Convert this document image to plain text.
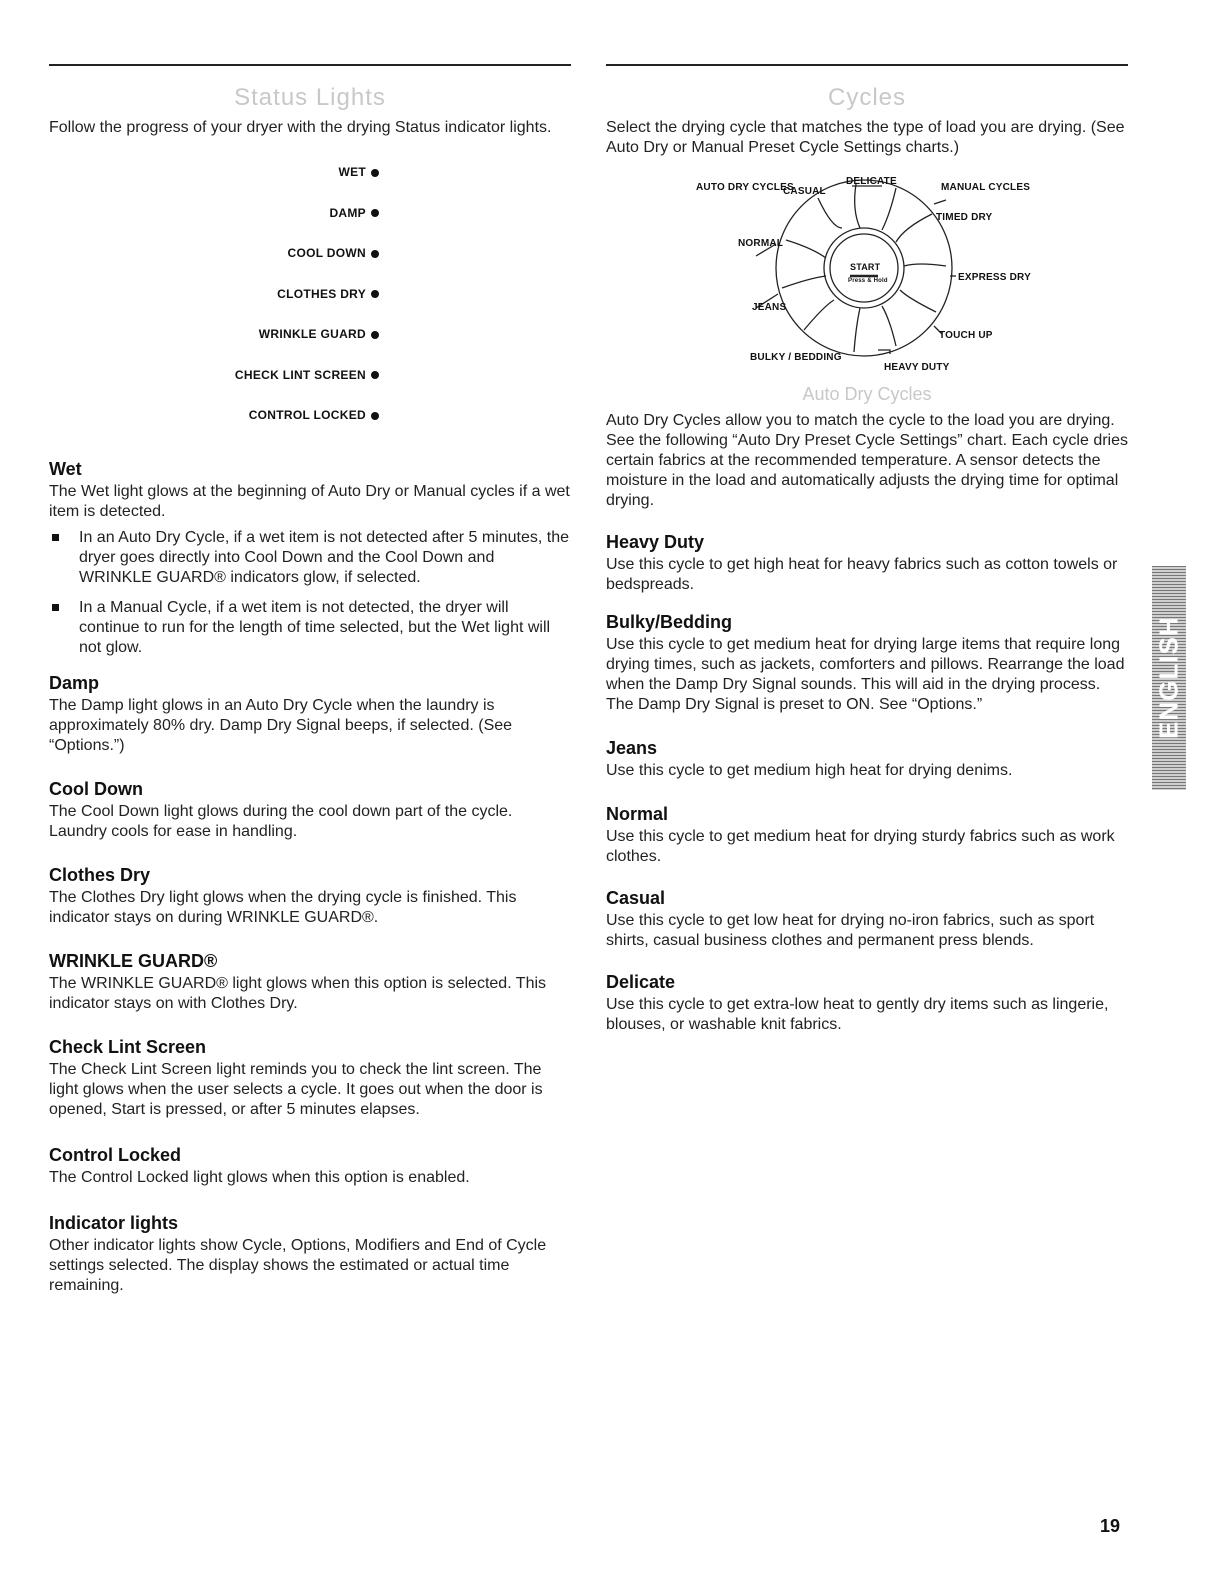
Status Lights
Follow the progress of your dryer with the drying Status indicator lights.
WET
DAMP
COOL DOWN
CLOTHES DRY
WRINKLE GUARD
CHECK LINT SCREEN
CONTROL LOCKED
Wet
The Wet light glows at the beginning of Auto Dry or Manual cycles if a wet item is detected.
In an Auto Dry Cycle, if a wet item is not detected after 5 minutes, the dryer goes directly into Cool Down and the Cool Down and WRINKLE GUARD® indicators glow, if selected.
In a Manual Cycle, if a wet item is not detected, the dryer will continue to run for the length of time selected, but the Wet light will not glow.
Damp
The Damp light glows in an Auto Dry Cycle when the laundry is approximately 80% dry. Damp Dry Signal beeps, if selected. (See “Options.”)
Cool Down
The Cool Down light glows during the cool down part of the cycle. Laundry cools for ease in handling.
Clothes Dry
The Clothes Dry light glows when the drying cycle is finished. This indicator stays on during WRINKLE GUARD®.
WRINKLE GUARD®
The WRINKLE GUARD® light glows when this option is selected. This indicator stays on with Clothes Dry.
Check Lint Screen
The Check Lint Screen light reminds you to check the lint screen. The light glows when the user selects a cycle. It goes out when the door is opened, Start is pressed, or after 5 minutes elapses.
Control Locked
The Control Locked light glows when this option is enabled.
Indicator lights
Other indicator lights show Cycle, Options, Modifiers and End of Cycle settings selected. The display shows the estimated or actual time remaining.
Cycles
Select the drying cycle that matches the type of load you are drying. (See Auto Dry or Manual Preset Cycle Settings charts.)
AUTO DRY CYCLES
CASUAL
DELICATE
MANUAL CYCLES
TIMED DRY
NORMAL
EXPRESS DRY
JEANS
TOUCH UP
BULKY / BEDDING
HEAVY DUTY
START
Press & Hold
Auto Dry Cycles
Auto Dry Cycles allow you to match the cycle to the load you are drying. See the following “Auto Dry Preset Cycle Settings” chart. Each cycle dries certain fabrics at the recommended temperature. A sensor detects the moisture in the load and automatically adjusts the drying time for optimal drying.
Heavy Duty
Use this cycle to get high heat for heavy fabrics such as cotton towels or bedspreads.
Bulky/Bedding
Use this cycle to get medium heat for drying large items that require long drying times, such as jackets, comforters and pillows. Rearrange the load when the Damp Dry Signal sounds. This will aid in the drying process. The Damp Dry Signal is preset to ON. See “Options.”
Jeans
Use this cycle to get medium high heat for drying denims.
Normal
Use this cycle to get medium heat for drying sturdy fabrics such as work clothes.
Casual
Use this cycle to get low heat for drying no-iron fabrics, such as sport shirts, casual business clothes and permanent press blends.
Delicate
Use this cycle to get extra-low heat to gently dry items such as lingerie, blouses, or washable knit fabrics.
ENGLISH
19
